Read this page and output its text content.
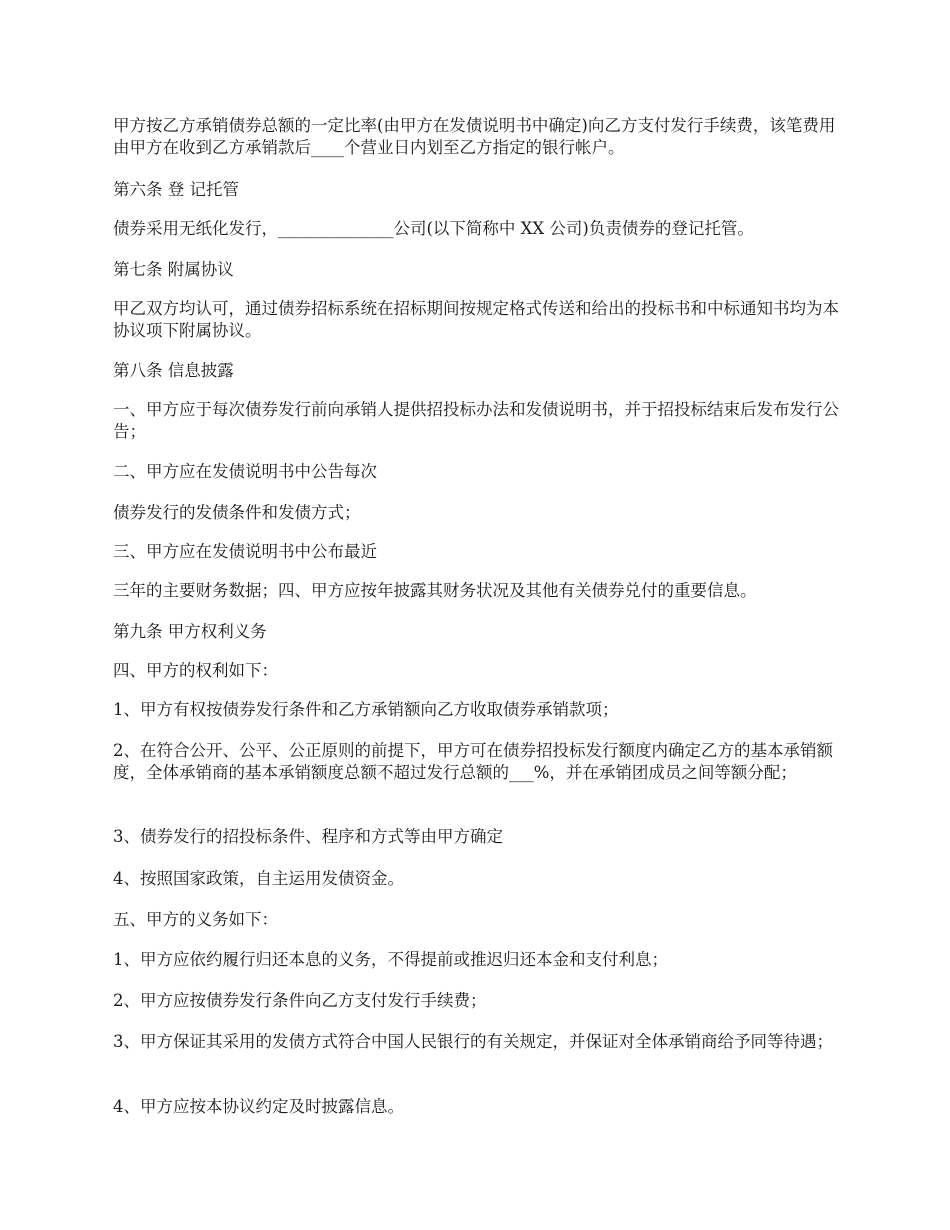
甲方按乙方承销债券总额的一定比率(由甲方在发债说明书中确定)向乙方支付发行手续费，该笔费用由甲方在收到乙方承销款后____个营业日内划至乙方指定的银行帐户。

第六条 登 记托管

债券采用无纸化发行，______________公司(以下简称中 XX 公司)负责债券的登记托管。

第七条 附属协议

甲乙双方均认可，通过债券招标系统在招标期间按规定格式传送和给出的投标书和中标通知书均为本协议项下附属协议。

第八条 信息披露

一、甲方应于每次债券发行前向承销人提供招投标办法和发债说明书，并于招投标结束后发布发行公告；

二、甲方应在发债说明书中公告每次

债券发行的发债条件和发债方式；

三、甲方应在发债说明书中公布最近

三年的主要财务数据；四、甲方应按年披露其财务状况及其他有关债券兑付的重要信息。

第九条 甲方权利义务

四、甲方的权利如下：

1、甲方有权按债券发行条件和乙方承销额向乙方收取债券承销款项；

2、在符合公开、公平、公正原则的前提下，甲方可在债券招投标发行额度内确定乙方的基本承销额度，全体承销商的基本承销额度总额不超过发行总额的___%，并在承销团成员之间等额分配；

3、债券发行的招投标条件、程序和方式等由甲方确定

4、按照国家政策，自主运用发债资金。

五、甲方的义务如下：

1、甲方应依约履行归还本息的义务，不得提前或推迟归还本金和支付利息；

2、甲方应按债券发行条件向乙方支付发行手续费；

3、甲方保证其采用的发债方式符合中国人民银行的有关规定，并保证对全体承销商给予同等待遇；

4、甲方应按本协议约定及时披露信息。
